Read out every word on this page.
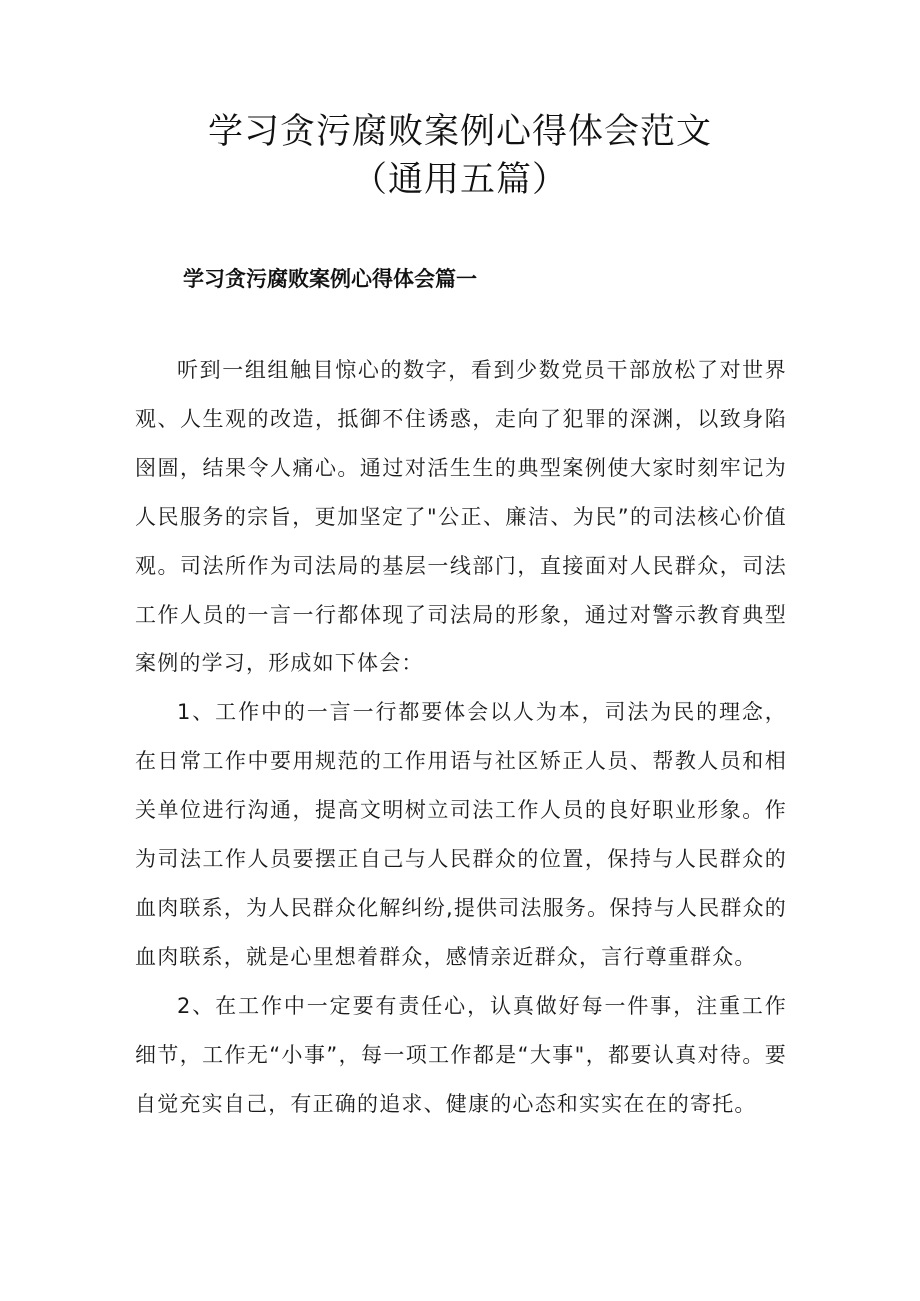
学习贪污腐败案例心得体会范文
（通用五篇）
学习贪污腐败案例心得体会篇一

听到一组组触目惊心的数字，看到少数党员干部放松了对世界观、人生观的改造，抵御不住诱惑，走向了犯罪的深渊，以致身陷囹圄，结果令人痛心。通过对活生生的典型案例使大家时刻牢记为人民服务的宗旨，更加坚定了"公正、廉洁、为民”的司法核心价值观。司法所作为司法局的基层一线部门，直接面对人民群众，司法工作人员的一言一行都体现了司法局的形象，通过对警示教育典型案例的学习，形成如下体会：

1、工作中的一言一行都要体会以人为本，司法为民的理念，在日常工作中要用规范的工作用语与社区矫正人员、帮教人员和相关单位进行沟通，提高文明树立司法工作人员的良好职业形象。作为司法工作人员要摆正自己与人民群众的位置，保持与人民群众的血肉联系，为人民群众化解纠纷,提供司法服务。保持与人民群众的血肉联系，就是心里想着群众，感情亲近群众，言行尊重群众。

2、在工作中一定要有责任心，认真做好每一件事，注重工作细节，工作无“小事”，每一项工作都是“大事"，都要认真对待。要自觉充实自己，有正确的追求、健康的心态和实实在在的寄托。
